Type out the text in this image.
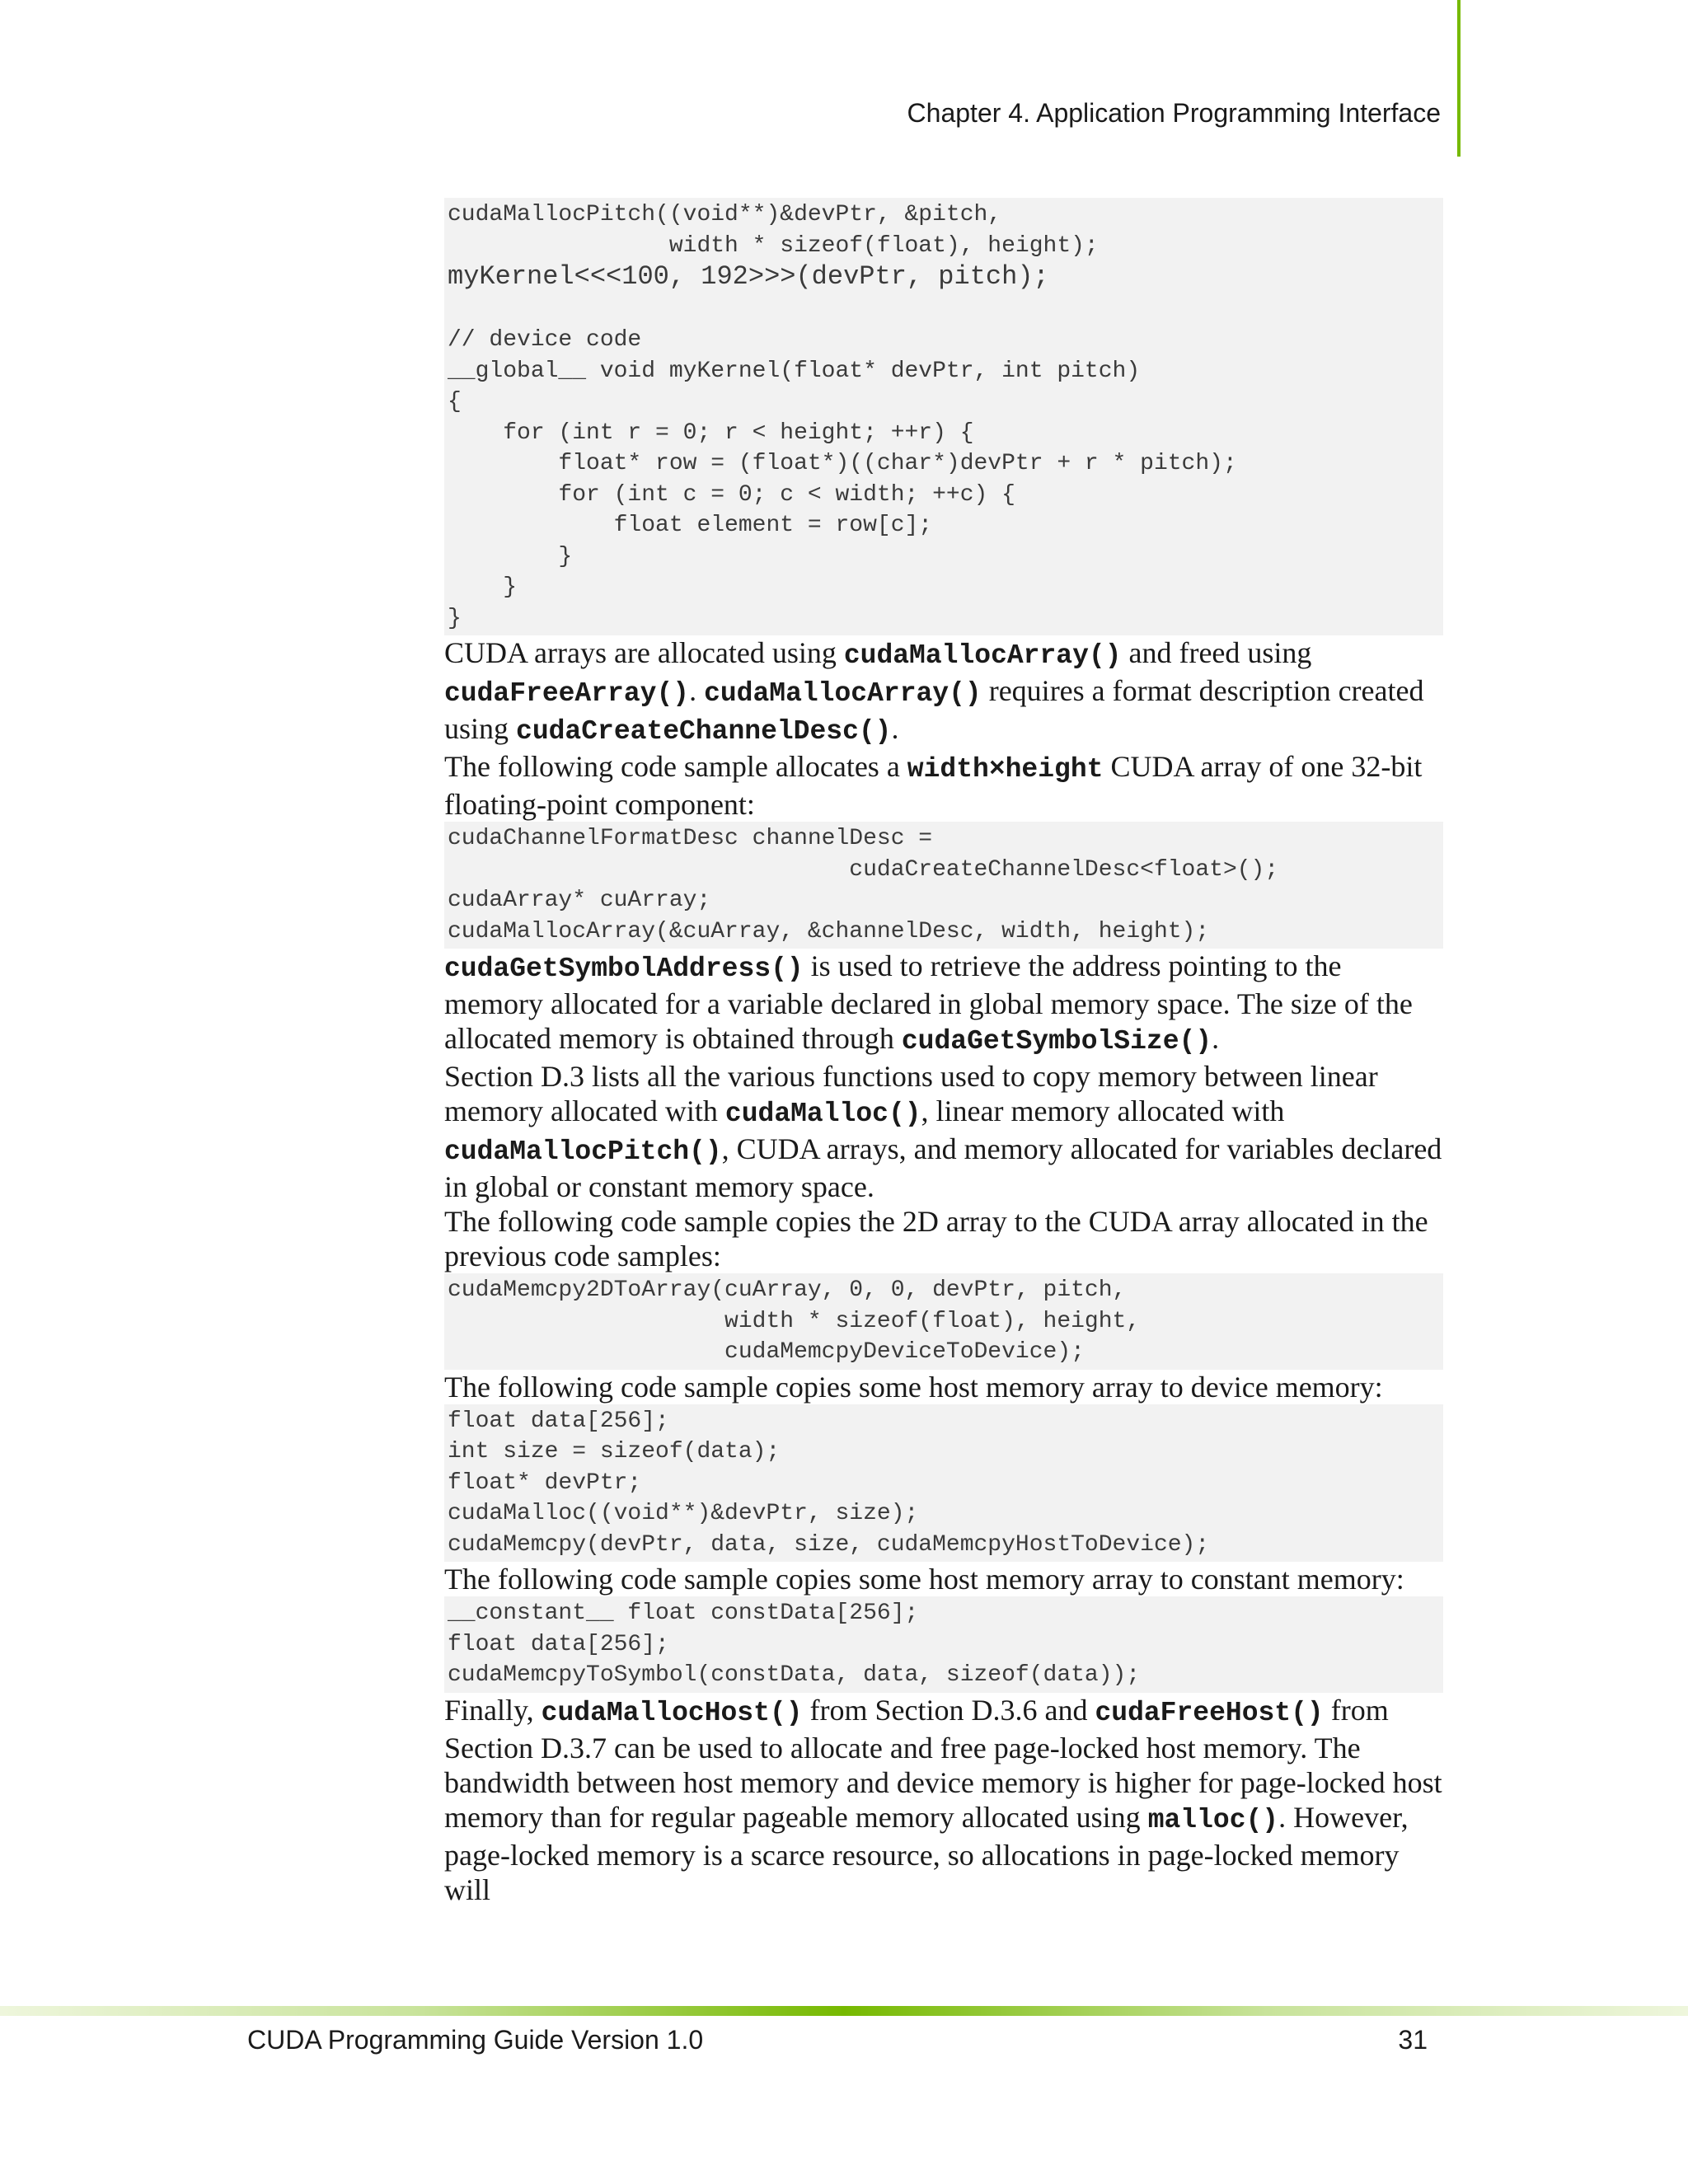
Chapter 4. Application Programming Interface
cudaMallocPitch((void**)&devPtr, &pitch,
width * sizeof(float), height);
myKernel<<<100, 192>>>(devPtr, pitch);

// device code
__global__ void myKernel(float* devPtr, int pitch)
{
for (int r = 0; r < height; ++r) {
float* row = (float*)((char*)devPtr + r * pitch);
for (int c = 0; c < width; ++c) {
float element = row[c];
}
}
}

CUDA arrays are allocated using cudaMallocArray() and freed using cudaFreeArray(). cudaMallocArray() requires a format description created using cudaCreateChannelDesc().

The following code sample allocates a width×height CUDA array of one 32-bit floating-point component:

cudaChannelFormatDesc channelDesc =
cudaCreateChannelDesc<float>();
cudaArray* cuArray;
cudaMallocArray(&cuArray, &channelDesc, width, height);

cudaGetSymbolAddress() is used to retrieve the address pointing to the memory allocated for a variable declared in global memory space. The size of the allocated memory is obtained through cudaGetSymbolSize().

Section D.3 lists all the various functions used to copy memory between linear memory allocated with cudaMalloc(), linear memory allocated with cudaMallocPitch(), CUDA arrays, and memory allocated for variables declared in global or constant memory space.

The following code sample copies the 2D array to the CUDA array allocated in the previous code samples:

cudaMemcpy2DToArray(cuArray, 0, 0, devPtr, pitch,
width * sizeof(float), height,
cudaMemcpyDeviceToDevice);

The following code sample copies some host memory array to device memory:

float data[256];
int size = sizeof(data);
float* devPtr;
cudaMalloc((void**)&devPtr, size);
cudaMemcpy(devPtr, data, size, cudaMemcpyHostToDevice);

The following code sample copies some host memory array to constant memory:

__constant__ float constData[256];
float data[256];
cudaMemcpyToSymbol(constData, data, sizeof(data));

Finally, cudaMallocHost() from Section D.3.6 and cudaFreeHost() from Section D.3.7 can be used to allocate and free page-locked host memory. The bandwidth between host memory and device memory is higher for page-locked host memory than for regular pageable memory allocated using malloc(). However, page-locked memory is a scarce resource, so allocations in page-locked memory will

CUDA Programming Guide Version 1.0	31
